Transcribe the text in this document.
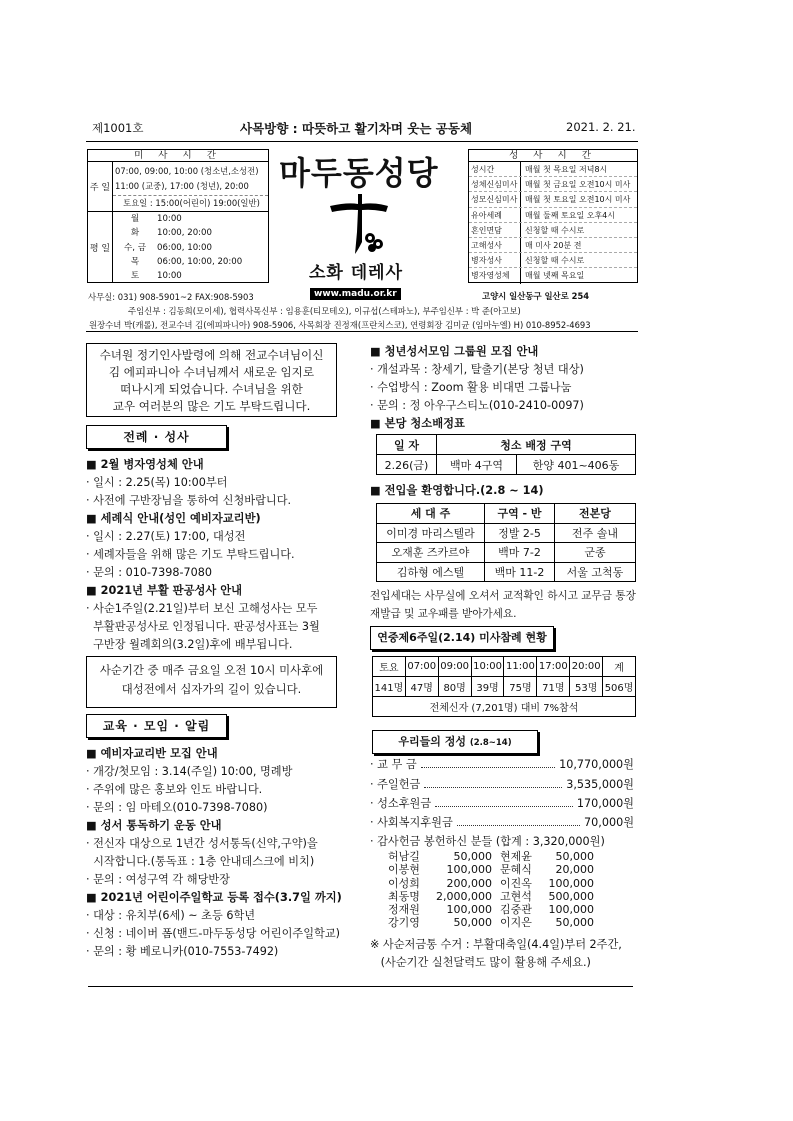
제1001호	사목방향 : 따뜻하고 활기차며 웃는 공동체	2021. 2. 21.
미 사 시 간
주 일
07:00, 09:00, 10:00 (청소년,소성전)
11:00 (교중), 17:00 (청년), 20:00
토요일 : 15:00(어린이) 19:00(일반)
평 일
월	10:00
화	10:00, 20:00
수, 금	06:00, 10:00
목	06:00, 10:00, 20:00
토	10:00
마두동성당
소화 데레사
www.madu.or.kr
성 사 시 간
성시간	매월 첫 목요일 저녁8시
성체신심미사 매월 첫 금요일 오전10시 미사
성모신심미사 매월 첫 토요일 오전10시 미사
유아세례	매월 둘째 토요일 오후4시
혼인면담	신청할 때 수시로
고해성사	매 미사 20분 전
병자성사	신청할 때 수시로
병자영성체	매월 넷째 목요일
사무실: 031) 908-5901~2 FAX:908-5903	고양시 일산동구 일산로 254
주임신부 : 김동희(모이세), 협력사목신부 : 임용훈(티모테오), 이규섭(스테파노), 부주임신부 : 박 준(아고보)
원장수녀 박(캐롤), 전교수녀 김(에피파니아) 908-5906, 사목회장 진정재(프란치스코), 연령회장 김미균 (임마누엘) H) 010-8952-4693
수녀원 정기인사발령에 의해 전교수녀님이신
김 에피파니아 수녀님께서 새로운 임지로
떠나시게 되었습니다. 수녀님을 위한
교우 여러분의 많은 기도 부탁드립니다.
전례 · 성사
■ 2월 병자영성체 안내
· 일시 : 2.25(목) 10:00부터
· 사전에 구반장님을 통하여 신청바랍니다.
■ 세례식 안내(성인 예비자교리반)
· 일시 : 2.27(토) 17:00, 대성전
· 세례자들을 위해 많은 기도 부탁드립니다.
· 문의 : 010-7398-7080
■ 2021년 부활 판공성사 안내
· 사순1주일(2.21일)부터 보신 고해성사는 모두
부활판공성사로 인정됩니다. 판공성사표는 3월
구반장 월례회의(3.2일)후에 배부됩니다.
사순기간 중 매주 금요일 오전 10시 미사후에
대성전에서 십자가의 길이 있습니다.
교육 · 모임 · 알림
■ 예비자교리반 모집 안내
· 개강/첫모임 : 3.14(주일) 10:00, 명례방
· 주위에 많은 홍보와 인도 바랍니다.
· 문의 : 임 마테오(010-7398-7080)
■ 성서 통독하기 운동 안내
· 전신자 대상으로 1년간 성서통독(신약,구약)을
시작합니다.(통독표 : 1층 안내데스크에 비치)
· 문의 : 여성구역 각 해당반장
■ 2021년 어린이주일학교 등록 접수(3.7일 까지)
· 대상 : 유치부(6세) ~ 초등 6학년
· 신청 : 네이버 폼(밴드-마두동성당 어린이주일학교)
· 문의 : 황 베로니카(010-7553-7492)
■ 청년성서모임 그룹원 모집 안내
· 개설과목 : 창세기, 탈출기(본당 청년 대상)
· 수업방식 : Zoom 활용 비대면 그룹나눔
· 문의 : 정 아우구스티노(010-2410-0097)
■ 본당 청소배정표
일 자	청소 배정 구역	
2.26(금)	백마 4구역	한양 401~406동
■ 전입을 환영합니다.(2.8 ~ 14)
세 대 주	구역 - 반	전본당
이미경 마리스텔라	정발 2-5	전주 솔내
오재훈 즈카르야	백마 7-2	군종
김하형 에스텔	백마 11-2	서울 고척동
전입세대는 사무실에 오셔서 교적확인 하시고 교무금 통장
재발급 및 교우패를 받아가세요.
연중제6주일(2.14) 미사참례 현황
토요	07:00	09:00	10:00	11:00	17:00	20:00	계
141명	47명	80명	39명	75명	71명	53명	506명
전체신자 (7,201명) 대비 7%참석							
우리들의 정성 (2.8~14)
· 교 무 금	10,770,000원
· 주일헌금	3,535,000원
· 성소후원금	170,000원
· 사회복지후원금	70,000원
· 감사헌금 봉헌하신 분들 (합계 : 3,320,000원)
허남길	50,000 현제윤 50,000
이봉현 100,000 문혜식 20,000
이성희 200,000 이진옥 100,000
최동명 2,000,000 고현석 500,000
정재원 100,000 김중관 100,000
강기영	50,000 이지은 50,000
※ 사순저금통 수거 : 부활대축일(4.4일)부터 2주간,
(사순기간 실천달력도 많이 활용해 주세요.)
